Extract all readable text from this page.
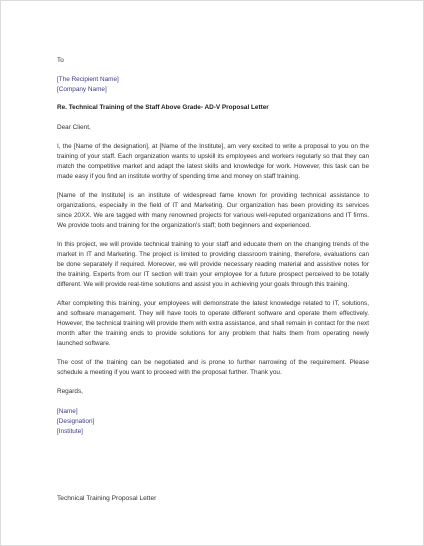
To
[The Recipient Name]
[Company Name]
Re. Technical Training of the Staff Above Grade- AD-V Proposal Letter
Dear Client,

I, the [Name of the designation], at [Name of the Institute], am very excited to write a proposal to you on the training of your staff. Each organization wants to upskill its employees and workers regularly so that they can match the competitive market and adapt the latest skills and knowledge for work. However, this task can be made easy if you find an institute worthy of spending time and money on staff training.

[Name of the Institute] is an institute of widespread fame known for providing technical assistance to organizations, especially in the field of IT and Marketing. Our organization has been providing its services since 20XX. We are tagged with many renowned projects for various well-reputed organizations and IT firms. We provide tools and training for the organization's staff; both beginners and experienced.

In this project, we will provide technical training to your staff and educate them on the changing trends of the market in IT and Marketing. The project is limited to providing classroom training, therefore, evaluations can be done separately if required. Moreover, we will provide necessary reading material and assistive notes for the training. Experts from our IT section will train your employee for a future prospect perceived to be totally different. We will provide real-time solutions and assist you in achieving your goals through this training.

After completing this training, your employees will demonstrate the latest knowledge related to IT, solutions, and software management. They will have tools to operate different software and operate them effectively. However, the technical training will provide them with extra assistance, and shall remain in contact for the next month after the training ends to provide solutions for any problem that halts them from operating newly launched software.

The cost of the training can be negotiated and is prone to further narrowing of the requirement. Please schedule a meeting if you want to proceed with the proposal further. Thank you.

Regards,
[Name]
[Designation]
[Institute]
Technical Training Proposal Letter
